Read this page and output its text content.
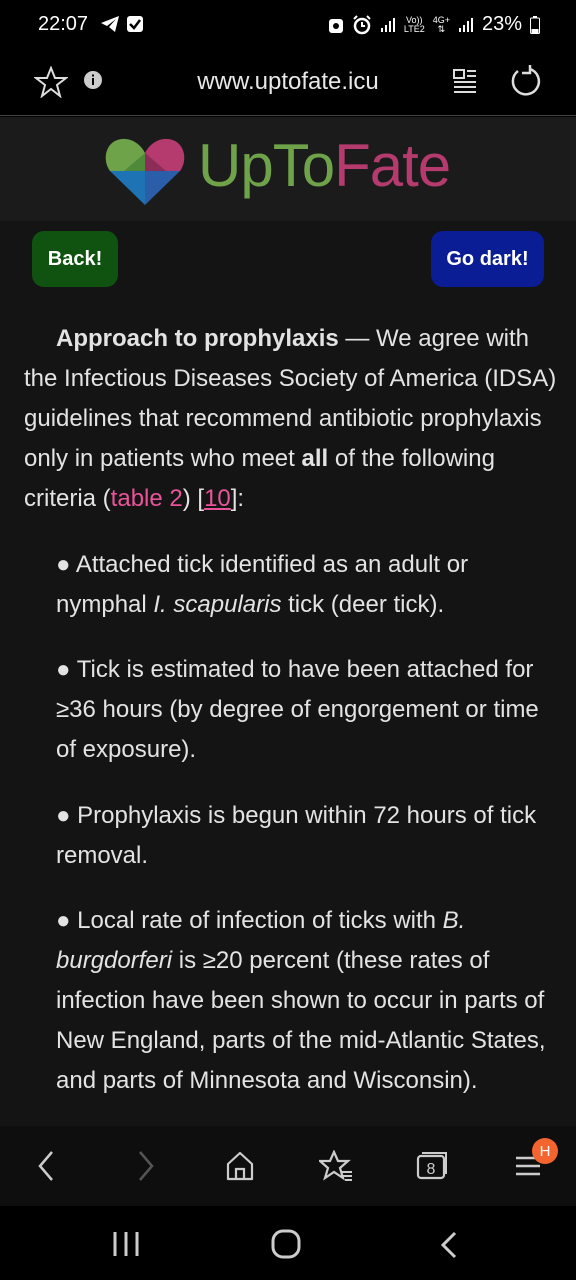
22:07	Vo))
LTE2
4G+
⇅ 23%
www.uptofate.icu
UpToFate
Back!	Go dark!

Approach to prophylaxis — We agree with the Infectious Diseases Society of America (IDSA) guidelines that recommend antibiotic prophylaxis only in patients who meet all of the following criteria (table 2) [10]:

● Attached tick identified as an adult or nymphal I. scapularis tick (deer tick).

● Tick is estimated to have been attached for ≥36 hours (by degree of engorgement or time of exposure).

● Prophylaxis is begun within 72 hours of tick removal.

● Local rate of infection of ticks with B. burgdorferi is ≥20 percent (these rates of infection have been shown to occur in parts of New England, parts of the mid-Atlantic States, and parts of Minnesota and Wisconsin).

8
H
